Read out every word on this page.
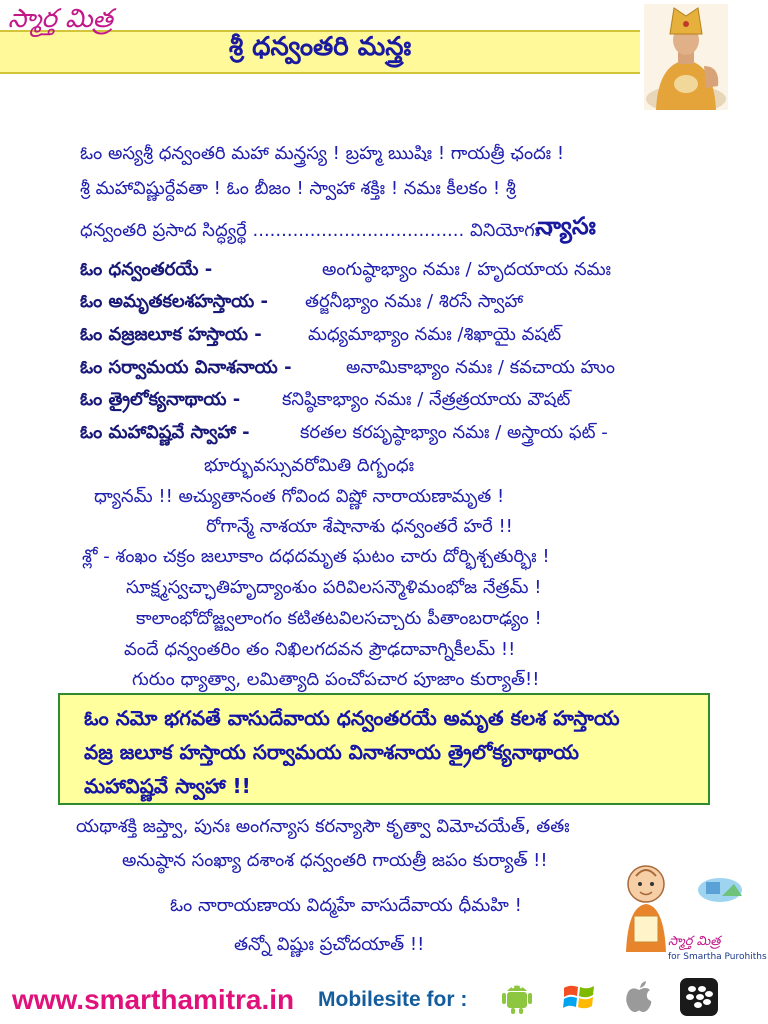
స్మార్త మిత్ర
శ్రీ ధన్వంతరి మన్త్రః
ఓం అస్యశ్రీ ధన్వంతరి మహా మన్త్రస్య ! బ్రహ్మ ఋషిః ! గాయత్రీ ఛందః !
శ్రీ మహావిష్ణుర్దేవతా ! ఓం బీజం ! స్వాహా శక్తిః ! నమః కీలకం ! శ్రీ
ధన్వంతరి ప్రసాద సిద్ధ్యర్థే ..................................... వినియోగః !
న్యాసః
ఓం ధన్వంతరయే -	అంగుష్ఠాభ్యాం నమః / హృదయాయ నమః
ఓం అమృతకలశహస్తాయ - తర్జనీభ్యాం నమః / శిరసే స్వాహా
ఓం వజ్రజలూక హస్తాయ -	మధ్యమాభ్యాం నమః /శిఖాయై వషట్
ఓం సర్వామయ వినాశనాయ -	అనామికాభ్యాం నమః / కవచాయ హుం
ఓం త్రైలోక్యనాథాయ - కనిష్ఠికాభ్యాం నమః / నేత్రత్రయాయ వౌషట్
ఓం మహావిష్ణవే స్వాహా -	కరతల కరపృష్ఠాభ్యాం నమః / అస్త్రాయ ఫట్ -
భూర్భువస్సువరోమితి దిగ్బంధః
ధ్యానమ్ !! అచ్యుతానంత గోవింద విష్ణో నారాయణామృత !
రోగాన్మే నాశయా శేషానాశు ధన్వంతరే హరే !!
శ్లో - శంఖం చక్రం జలూకాం దధదమృత ఘటం చారు దోర్భిశ్చతుర్భిః !
సూక్ష్మస్వచ్ఛాతిహృద్యాంశుం పరివిలసన్మౌళిమంభోజ నేత్రమ్ !
కాలాంభోదోజ్జ్వలాంగం కటితటవిలసచ్చారు పీతాంబరాఢ్యం !
వందే ధన్వంతరిం తం నిఖిలగదవన ప్రౌఢదావాగ్నికీలమ్ !!
గురుం ధ్యాత్వా, లమిత్యాది పంచోపచార పూజాం కుర్యాత్!!
ఓం నమో భగవతే వాసుదేవాయ ధన్వంతరయే అమృత కలశ హస్తాయ
వజ్ర జలూక హస్తాయ సర్వామయ వినాశనాయ త్రైలోక్యనాథాయ
మహావిష్ణవే స్వాహా !!
యథాశక్తి జప్త్వా, పునః అంగన్యాస కరన్యాసౌ కృత్వా విమోచయేత్, తతః
అనుష్ఠాన సంఖ్యా దశాంశ ధన్వంతరి గాయత్రీ జపం కుర్యాత్ !!
ఓం నారాయణాయ విద్మహే వాసుదేవాయ ధీమహి !
తన్నో విష్ణుః ప్రచోదయాత్ !!	స్మార్త మిత్ర
for Smartha Purohiths
www.smarthamitra.in Mobilesite for :
